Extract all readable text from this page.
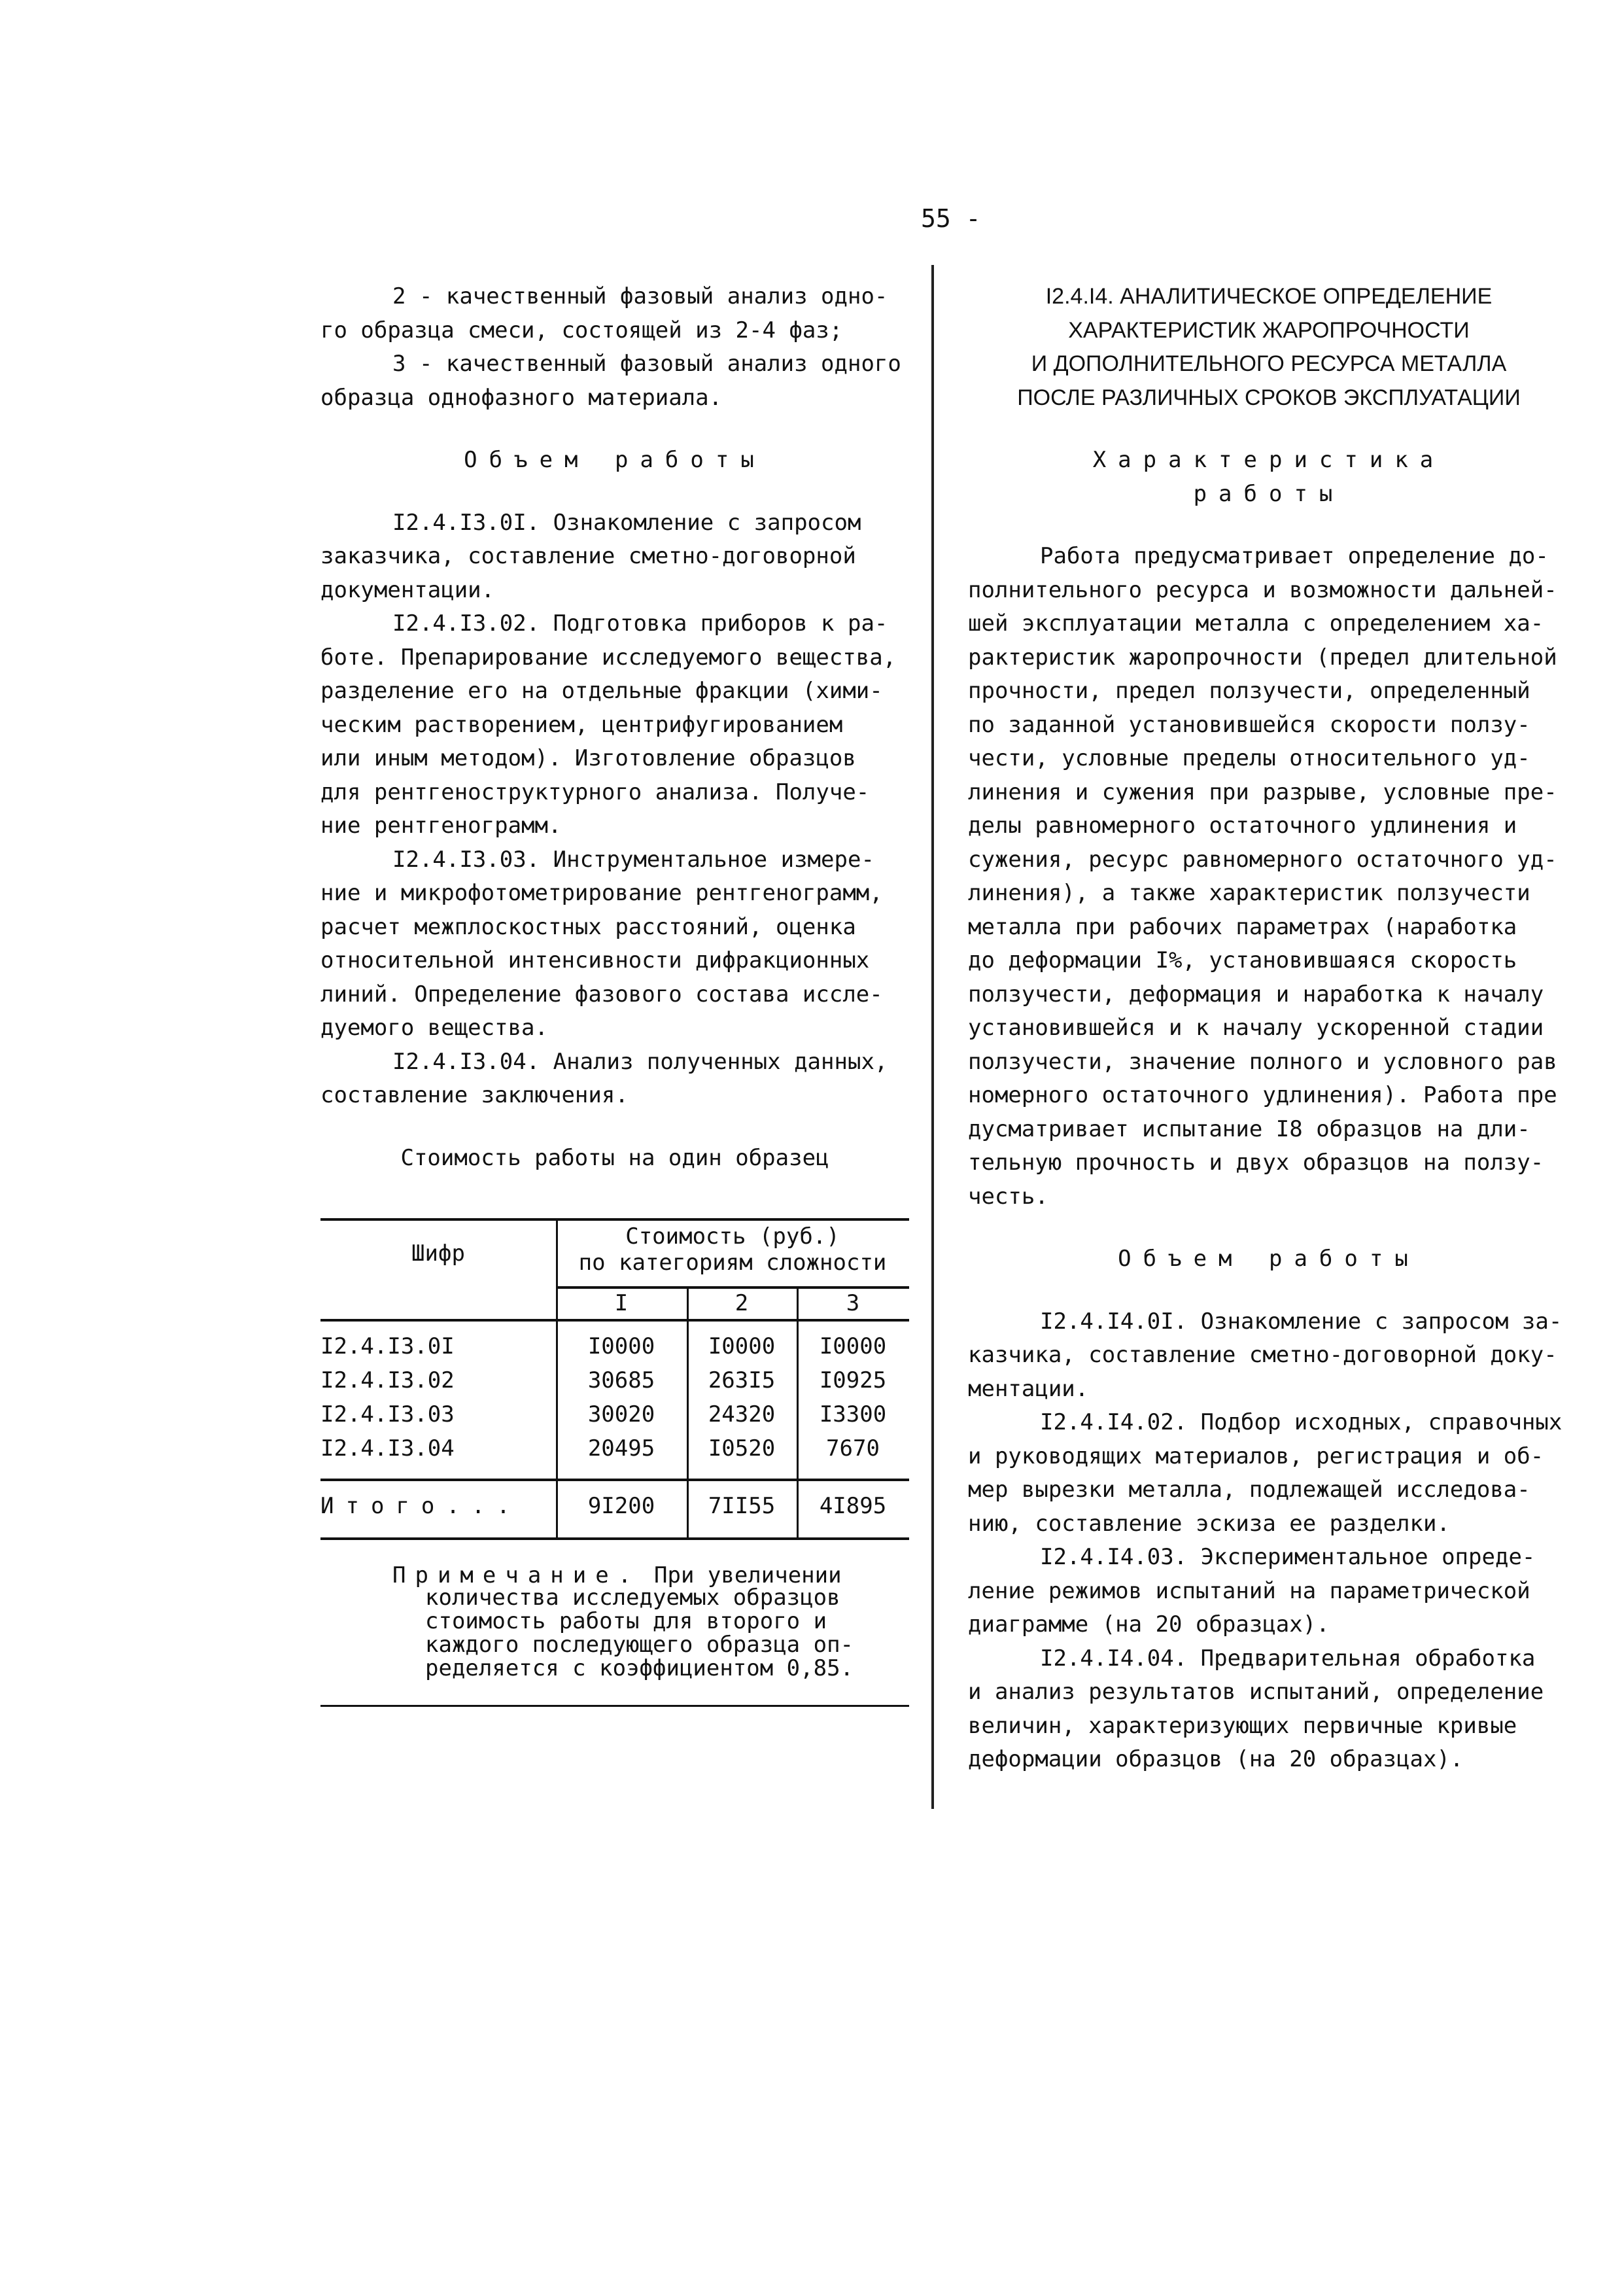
55 -

2 - качественный фазовый анализ одно-

го образца смеси, состоящей из 2-4 фаз;

3 - качественный фазовый анализ одного

образца однофазного материала.

Объем работы

I2.4.I3.0I. Ознакомление с запросом

заказчика, составление сметно-договорной

документации.

I2.4.I3.02. Подготовка приборов к ра-

боте. Препарирование исследуемого вещества,

разделение его на отдельные фракции (хими-

ческим растворением, центрифугированием

или иным методом). Изготовление образцов

для рентгеноструктурного анализа. Получе-

ние рентгенограмм.

I2.4.I3.03. Инструментальное измере-

ние и микрофотометрирование рентгенограмм,

расчет межплоскостных расстояний, оценка

относительной интенсивности дифракционных

линий. Определение фазового состава иссле-

дуемого вещества.

I2.4.I3.04. Анализ полученных данных,

составление заключения.

Стоимость работы на один образец

Шифр
Стоимость (руб.)
по категориям сложности
I	2	3
I2.4.I3.0I	I0000	I0000	I0000
I2.4.I3.02	30685	263I5	I0925
I2.4.I3.03	30020	24320	I3300
I2.4.I3.04	20495	I0520	7670
Итого...	9I200	7II55	4I895
Примечание. При увеличении

количества исследуемых образцов

стоимость работы для второго и

каждого последующего образца оп-

ределяется с коэффициентом 0,85.

I2.4.I4. АНАЛИТИЧЕСКОЕ ОПРЕДЕЛЕНИЕ

ХАРАКТЕРИСТИК ЖАРОПРОЧНОСТИ

И ДОПОЛНИТЕЛЬНОГО РЕСУРСА МЕТАЛЛА

ПОСЛЕ РАЗЛИЧНЫХ СРОКОВ ЭКСПЛУАТАЦИИ

Характеристика

работы

Работа предусматривает определение до-

полнительного ресурса и возможности дальней-

шей эксплуатации металла с определением ха-

рактеристик жаропрочности (предел длительной

прочности, предел ползучести, определенный

по заданной установившейся скорости ползу-

чести, условные пределы относительного уд-

линения и сужения при разрыве, условные пре-

делы равномерного остаточного удлинения и

сужения, ресурс равномерного остаточного уд-

линения), а также характеристик ползучести

металла при рабочих параметрах (наработка

до деформации I%, установившаяся скорость

ползучести, деформация и наработка к началу

установившейся и к началу ускоренной стадии

ползучести, значение полного и условного рав

номерного остаточного удлинения). Работа пре

дусматривает испытание I8 образцов на дли-

тельную прочность и двух образцов на ползу-

честь.

Объем работы

I2.4.I4.0I. Ознакомление с запросом за-

казчика, составление сметно-договорной доку-

ментации.

I2.4.I4.02. Подбор исходных, справочных

и руководящих материалов, регистрация и об-

мер вырезки металла, подлежащей исследова-

нию, составление эскиза ее разделки.

I2.4.I4.03. Экспериментальное опреде-

ление режимов испытаний на параметрической

диаграмме (на 20 образцах).

I2.4.I4.04. Предварительная обработка

и анализ результатов испытаний, определение

величин, характеризующих первичные кривые

деформации образцов (на 20 образцах).
